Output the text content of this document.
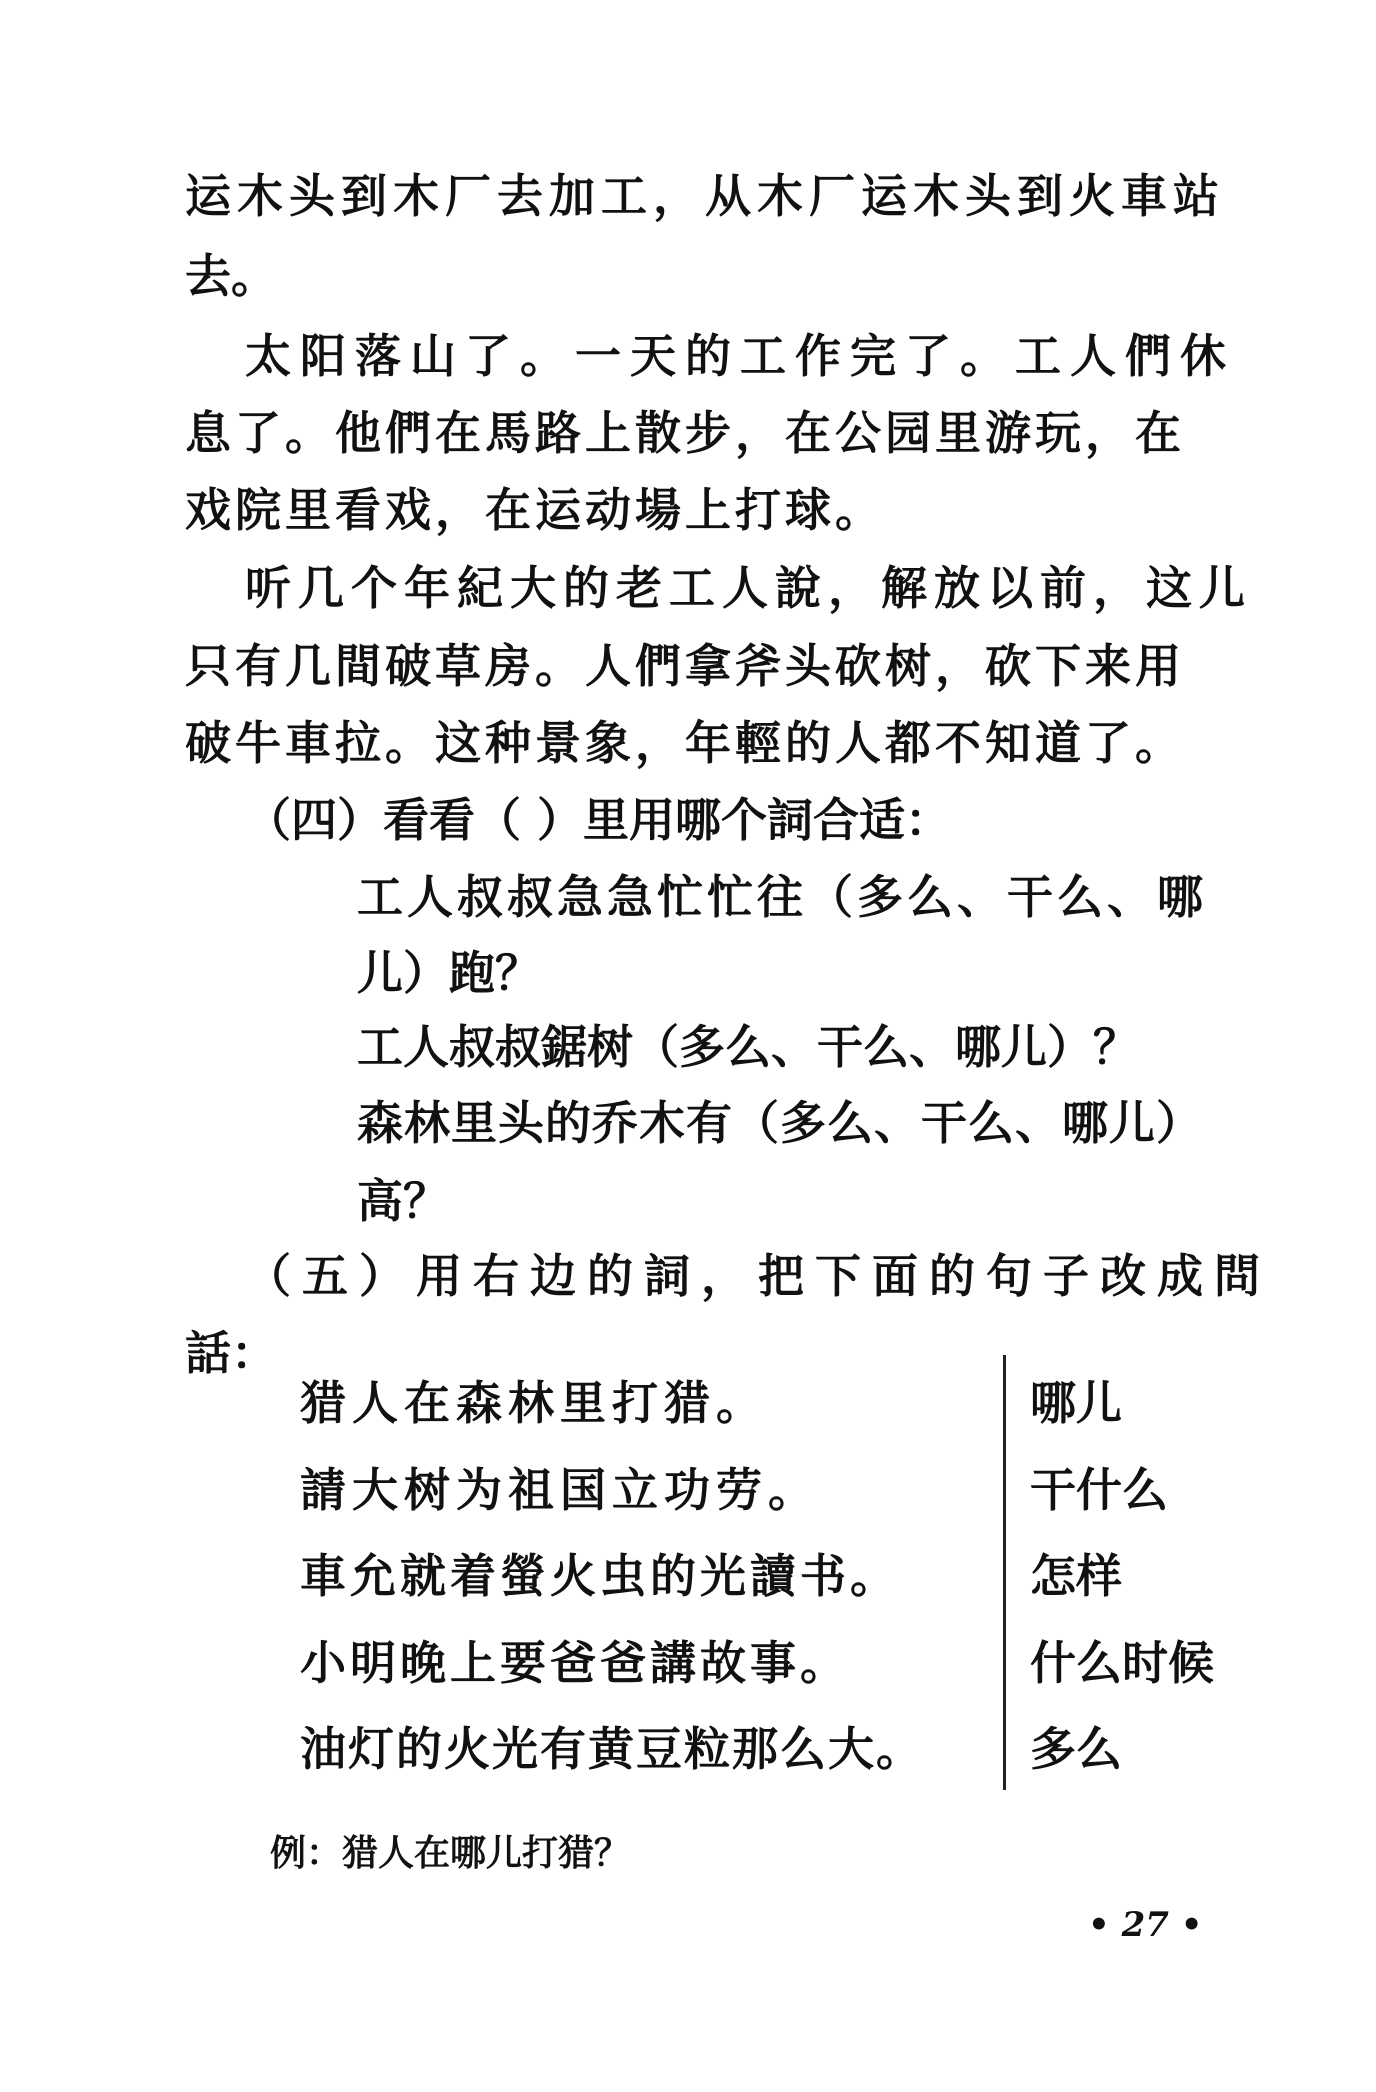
运木头到木厂去加工，从木厂运木头到火車站
去。
太阳落山了。一天的工作完了。工人們休
息了。他們在馬路上散步，在公园里游玩，在
戏院里看戏，在运动場上打球。
听几个年紀大的老工人說，解放以前，这儿
只有几間破草房。人們拿斧头砍树，砍下来用
破牛車拉。这种景象，年輕的人都不知道了。
（四）看看（ ）里用哪个詞合适：
工人叔叔急急忙忙往（多么、干么、哪
儿）跑？
工人叔叔鋸树（多么、干么、哪儿）？
森林里头的乔木有（多么、干么、哪儿）
高？
（五）用右边的詞，把下面的句子改成問
話：
猎人在森林里打猎。
請大树为祖国立功劳。
車允就着螢火虫的光讀书。
小明晚上要爸爸講故事。
油灯的火光有黄豆粒那么大。
哪儿
干什么
怎样
什么时候
多么
例：猎人在哪儿打猎？
• 27 •
